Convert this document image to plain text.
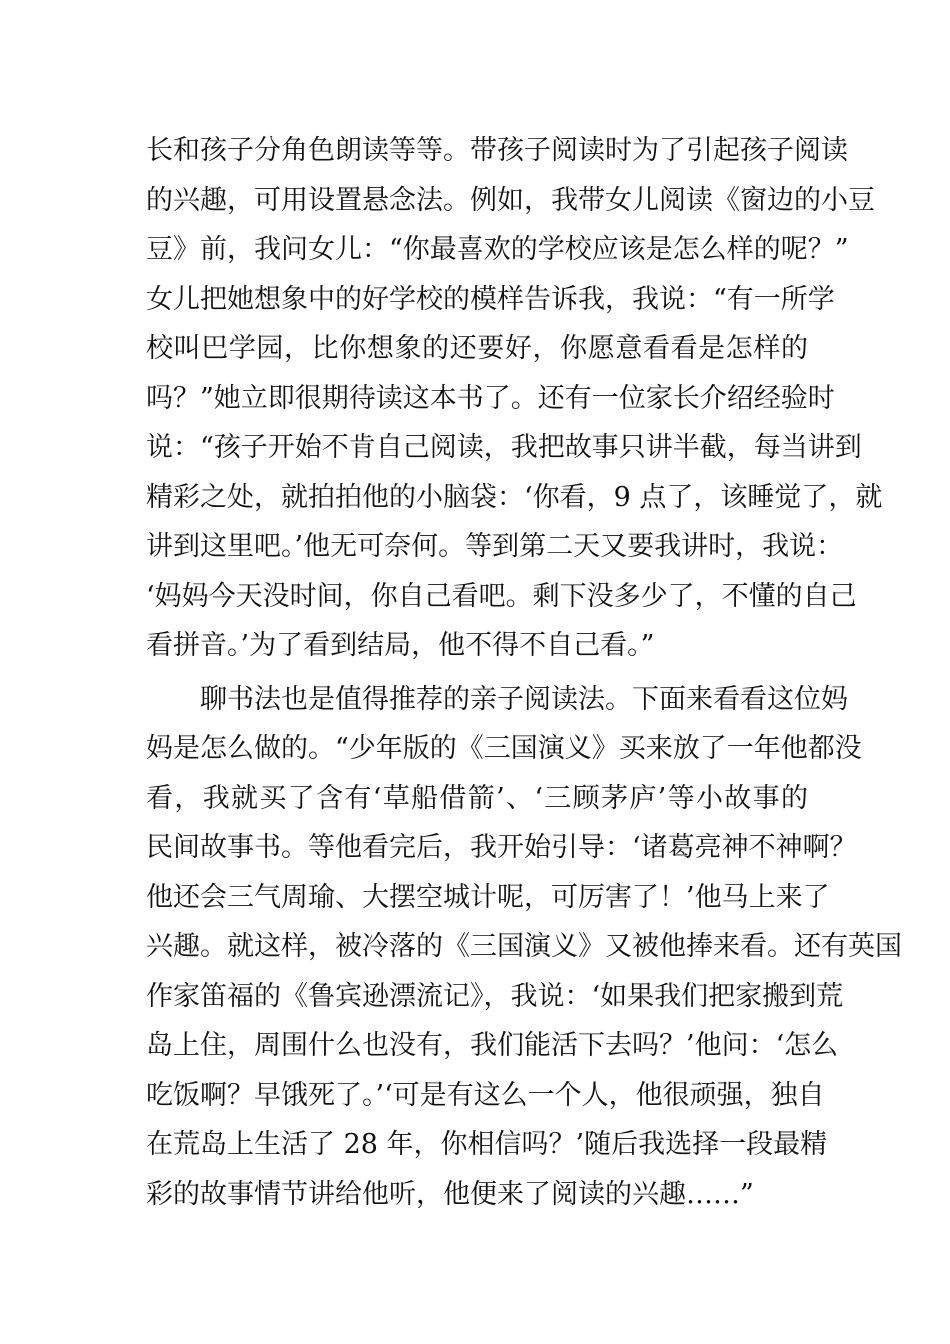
长和孩子分角色朗读等等。带孩子阅读时为了引起孩子阅读
的兴趣，可用设置悬念法。例如，我带女儿阅读《窗边的小豆
豆》前，我问女儿：“你最喜欢的学校应该是怎么样的呢？”
女儿把她想象中的好学校的模样告诉我，我说：“有一所学
校叫巴学园，比你想象的还要好，你愿意看看是怎样的
吗？”她立即很期待读这本书了。还有一位家长介绍经验时
说：“孩子开始不肯自己阅读，我把故事只讲半截，每当讲到
精彩之处，就拍拍他的小脑袋：‘你看，9 点了，该睡觉了，就
讲到这里吧。’他无可奈何。等到第二天又要我讲时，我说：
‘妈妈今天没时间，你自己看吧。剩下没多少了，不懂的自己
看拼音。’为了看到结局，他不得不自己看。”
　　聊书法也是值得推荐的亲子阅读法。下面来看看这位妈
妈是怎么做的。“少年版的《三国演义》买来放了一年他都没
看，我就买了含有‘草船借箭’、‘三顾茅庐’等小故事的
民间故事书。等他看完后，我开始引导：‘诸葛亮神不神啊？
他还会三气周瑜、大摆空城计呢，可厉害了！’他马上来了
兴趣。就这样，被冷落的《三国演义》又被他捧来看。还有英国
作家笛福的《鲁宾逊漂流记》，我说：‘如果我们把家搬到荒
岛上住，周围什么也没有，我们能活下去吗？’他问：‘怎么
吃饭啊？早饿死了。’‘可是有这么一个人，他很顽强，独自
在荒岛上生活了 28 年，你相信吗？’随后我选择一段最精
彩的故事情节讲给他听，他便来了阅读的兴趣……”
